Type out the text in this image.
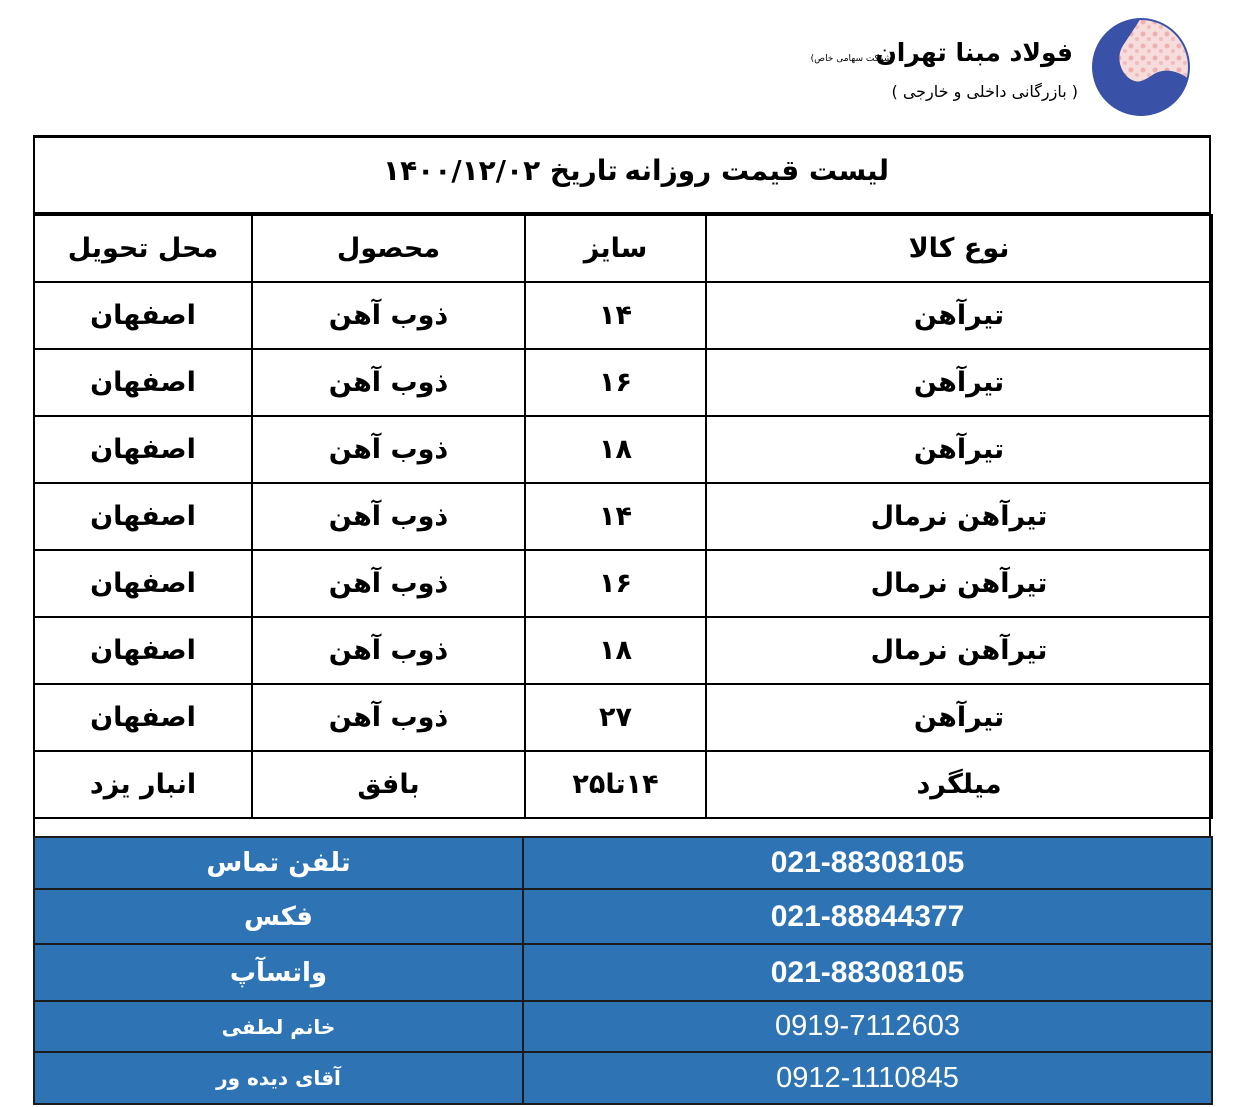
فولاد مبنا تهران
(شرکت سهامی خاص)
( بازرگانی داخلی و خارجی )
لیست قیمت روزانه
تاریخ ۱۴۰۰/۱۲/۰۲
نوع کالا	سایز	محصول	محل تحویل
تیرآهن	۱۴	ذوب آهن	اصفهان
تیرآهن	۱۶	ذوب آهن	اصفهان
تیرآهن	۱۸	ذوب آهن	اصفهان
تیرآهن نرمال	۱۴	ذوب آهن	اصفهان
تیرآهن نرمال	۱۶	ذوب آهن	اصفهان
تیرآهن نرمال	۱۸	ذوب آهن	اصفهان
تیرآهن	۲۷	ذوب آهن	اصفهان
میلگرد	۱۴تا۲۵	بافق	انبار یزد
021-88308105	تلفن تماس
021-88844377	فکس
021-88308105	واتسآپ
0919-7112603	خانم لطفی
0912-1110845	آقای دیده ور
